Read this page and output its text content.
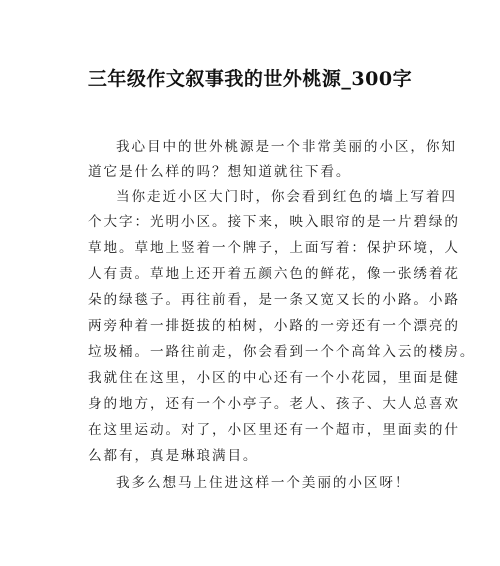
三年级作文叙事我的世外桃源_300字
我心目中的世外桃源是一个非常美丽的小区，你知
道它是什么样的吗？想知道就往下看。
当你走近小区大门时，你会看到红色的墙上写着四
个大字：光明小区。接下来，映入眼帘的是一片碧绿的
草地。草地上竖着一个牌子，上面写着：保护环境，人
人有责。草地上还开着五颜六色的鲜花，像一张绣着花
朵的绿毯子。再往前看，是一条又宽又长的小路。小路
两旁种着一排挺拔的柏树，小路的一旁还有一个漂亮的
垃圾桶。一路往前走，你会看到一个个高耸入云的楼房。
我就住在这里，小区的中心还有一个小花园，里面是健
身的地方，还有一个小亭子。老人、孩子、大人总喜欢
在这里运动。对了，小区里还有一个超市，里面卖的什
么都有，真是琳琅满目。
我多么想马上住进这样一个美丽的小区呀！
